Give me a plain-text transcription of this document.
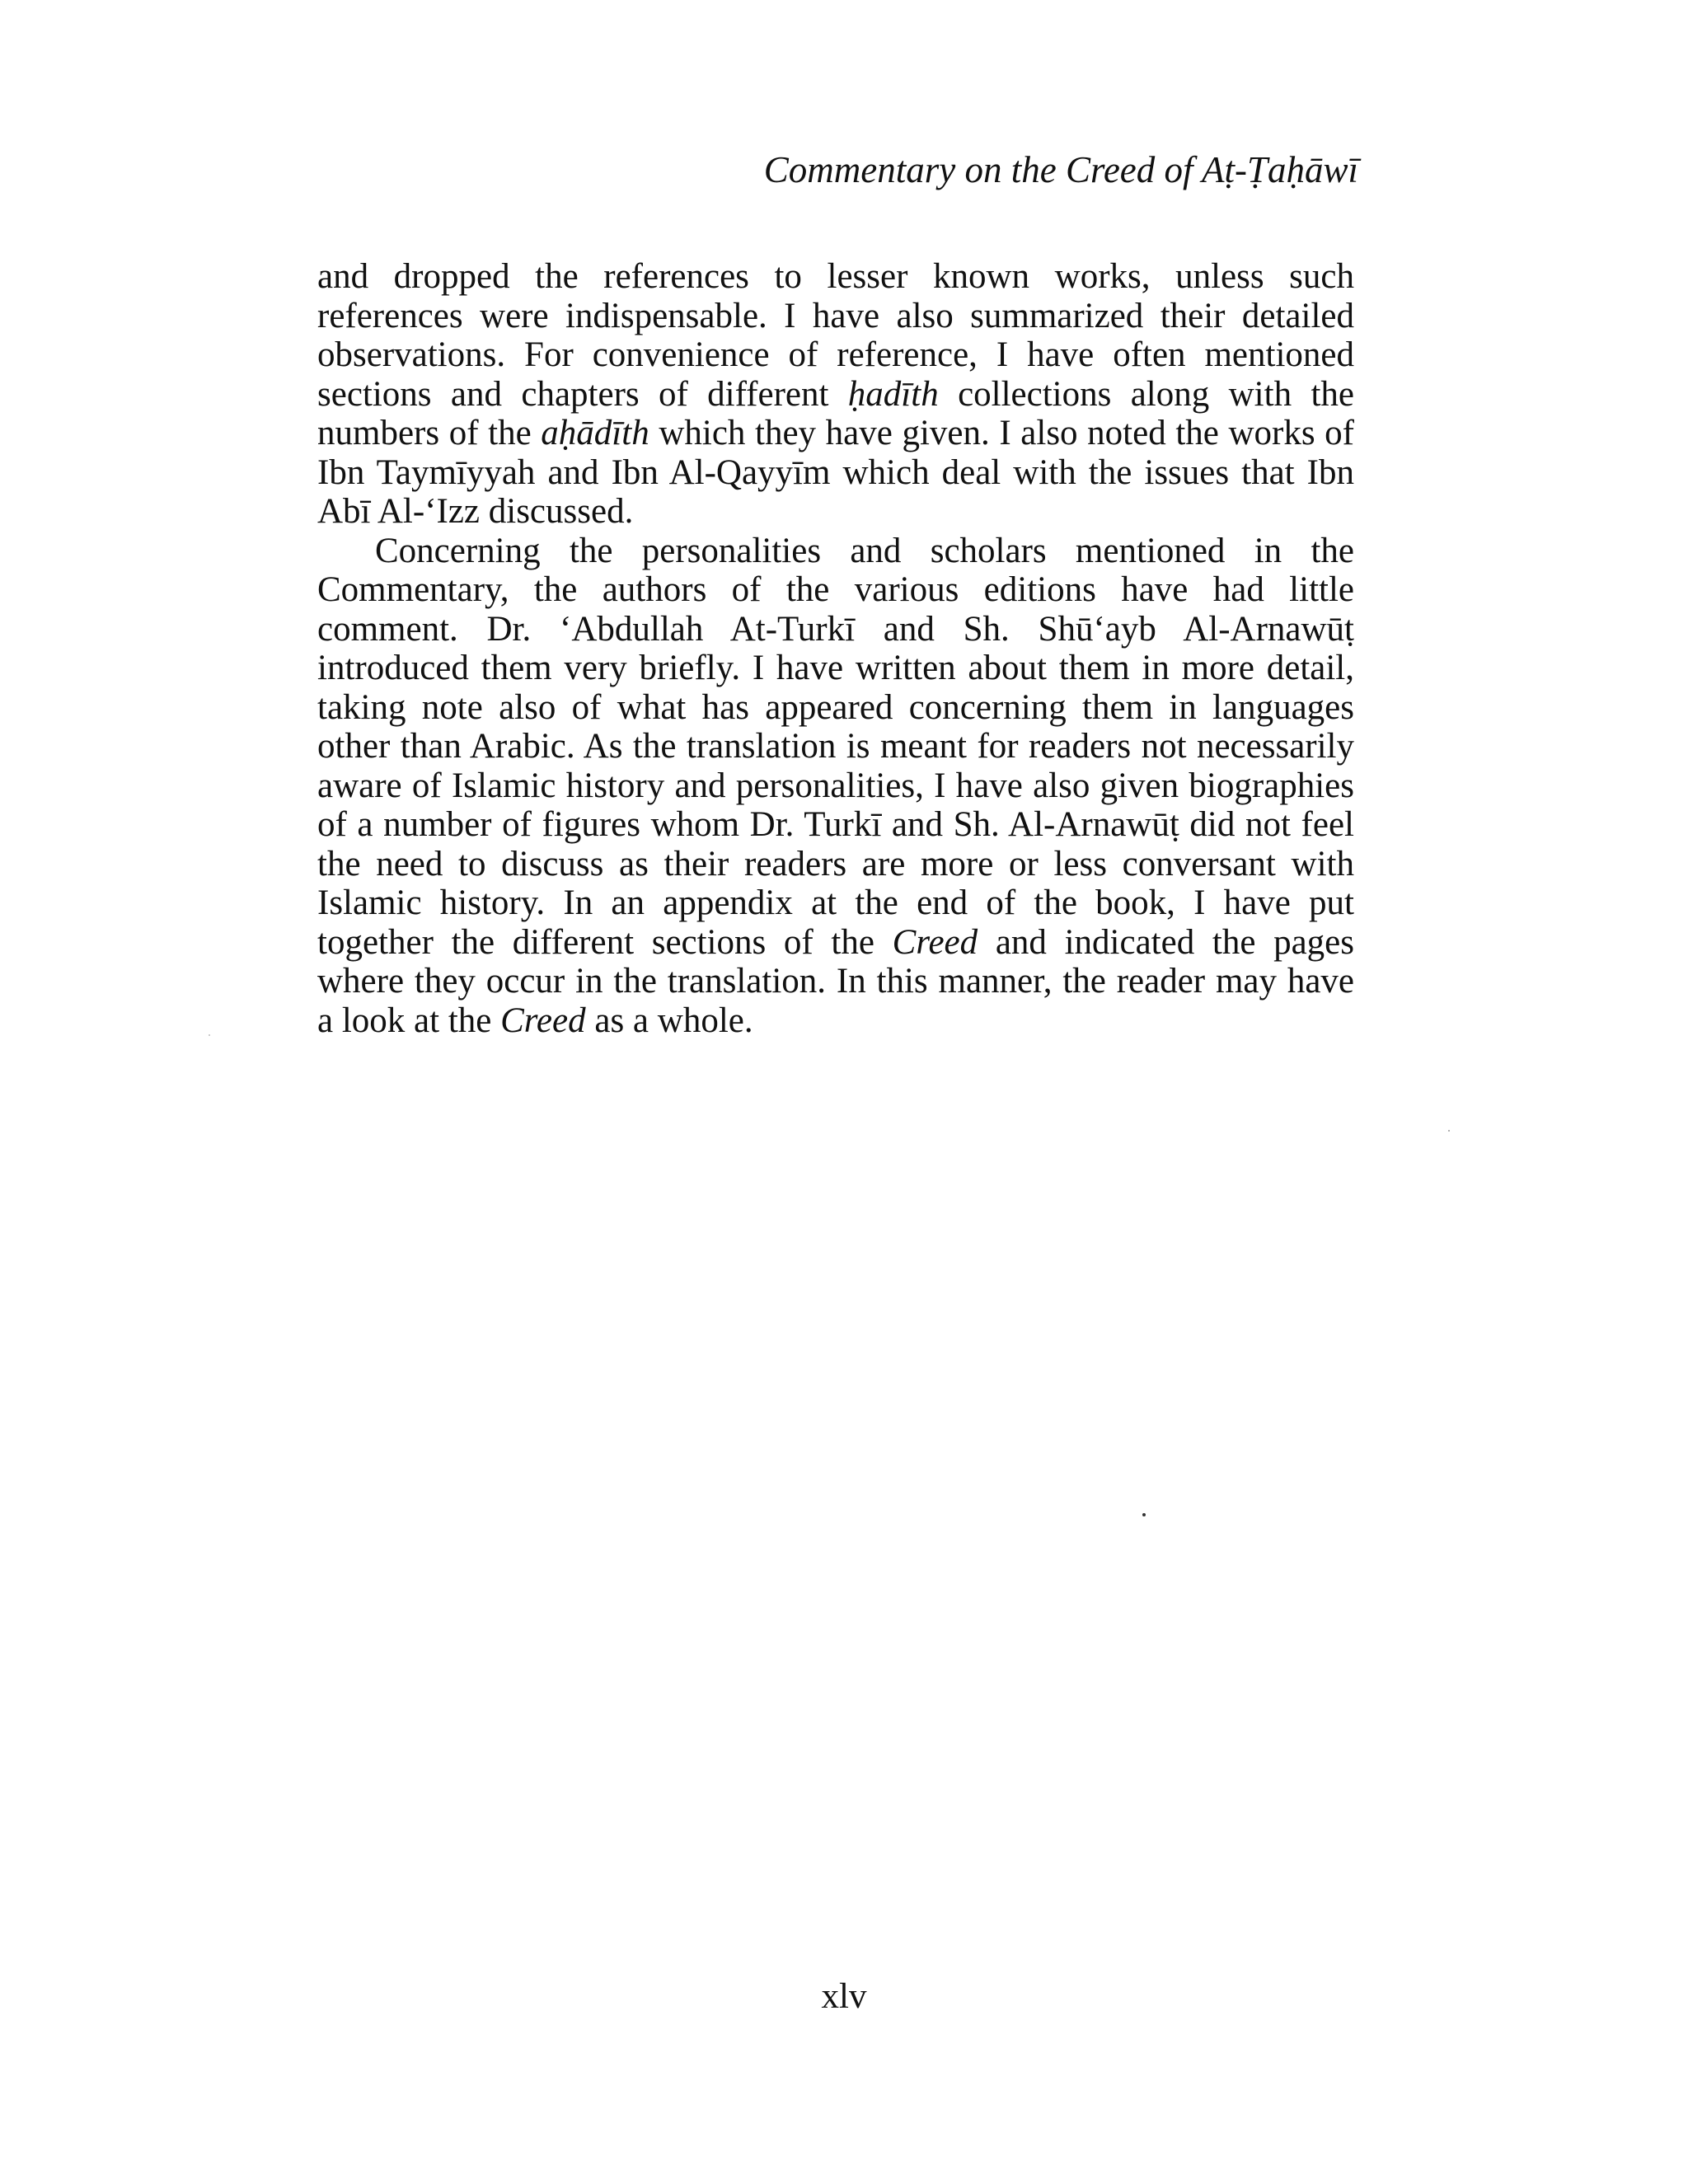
Commentary on the Creed of Aṭ-Ṭaḥāwī

and dropped the references to lesser known works, unless such references were indispensable. I have also summarized their detailed observations. For convenience of reference, I have often mentioned sections and chapters of different ḥadīth collections along with the numbers of the aḥādīth which they have given. I also noted the works of Ibn Taymīyyah and Ibn Al-Qayyīm which deal with the issues that Ibn Abī Al-‘Izz discussed.

Concerning the personalities and scholars mentioned in the Commentary, the authors of the various editions have had little comment. Dr. ‘Abdullah At-Turkī and Sh. Shū‘ayb Al-Arnawūṭ introduced them very briefly. I have written about them in more detail, taking note also of what has appeared concerning them in languages other than Arabic. As the translation is meant for readers not necessarily aware of Islamic history and personalities, I have also given biographies of a number of figures whom Dr. Turkī and Sh. Al-Arnawūṭ did not feel the need to discuss as their readers are more or less conversant with Islamic history. In an appendix at the end of the book, I have put together the different sections of the Creed and indicated the pages where they occur in the translation. In this manner, the reader may have a look at the Creed as a whole.

xlv
